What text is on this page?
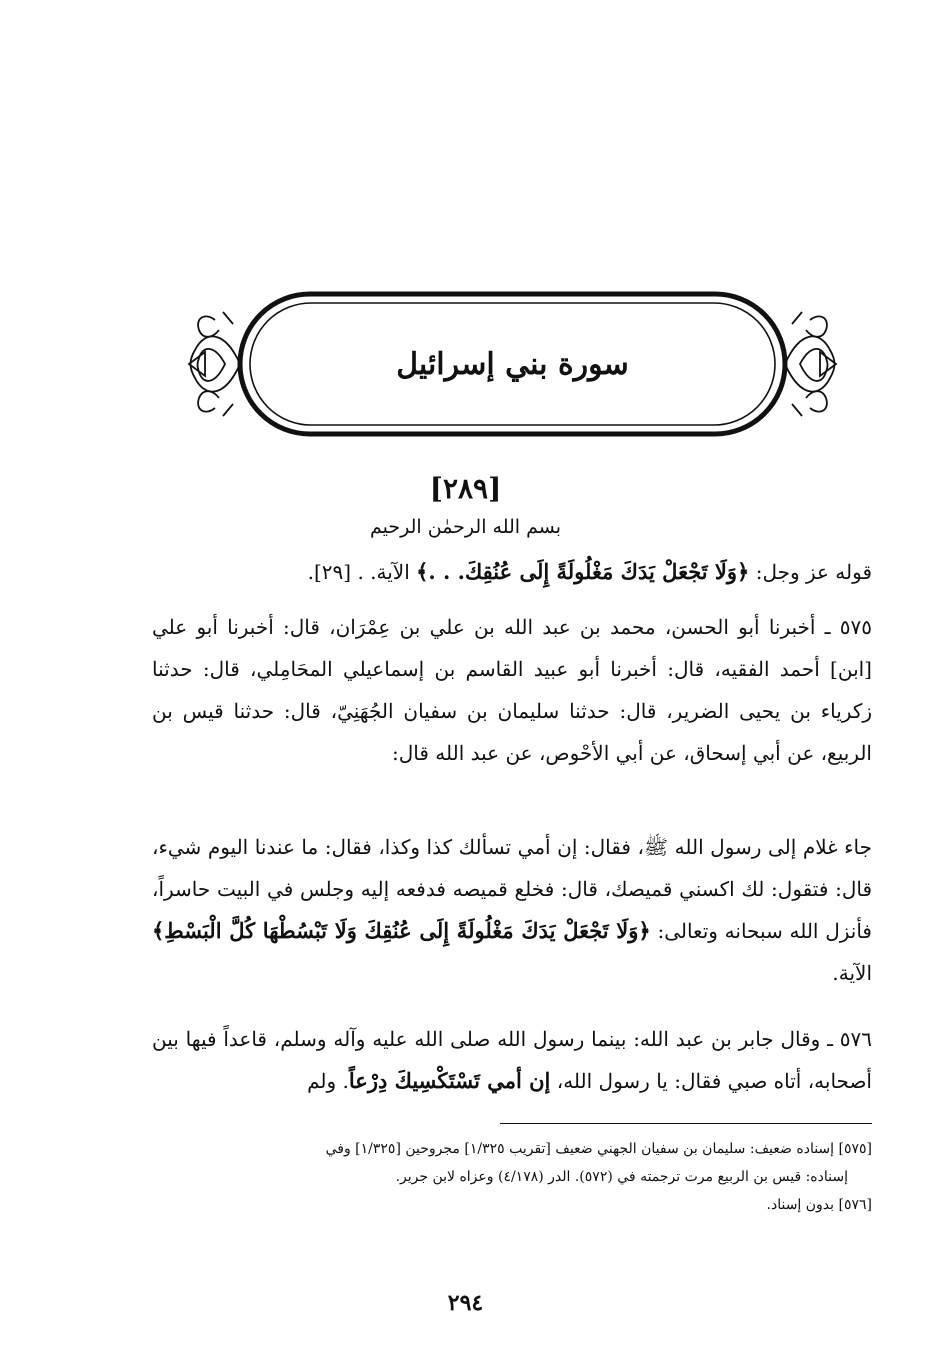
سورة بني إسرائيل
[٢٨٩]
بسم الله الرحمٰن الرحيم
قوله عز وجل: ﴿وَلَا تَجْعَلْ يَدَكَ مَغْلُولَةً إِلَى عُنُقِكَ. . .﴾ الآية. . [٢٩].
٥٧٥ ـ أخبرنا أبو الحسن، محمد بن عبد الله بن علي بن عِمْرَان، قال: أخبرنا أبو علي [ابن] أحمد الفقيه، قال: أخبرنا أبو عبيد القاسم بن إسماعيلي المحَامِلي، قال: حدثنا زكرياء بن يحيى الضرير، قال: حدثنا سليمان بن سفيان الجُهَنِيّ، قال: حدثنا قيس بن الربيع، عن أبي إسحاق، عن أبي الأحْوص، عن عبد الله قال:
جاء غلام إلى رسول الله ﷺ، فقال: إن أمي تسألك كذا وكذا، فقال: ما عندنا اليوم شيء، قال: فتقول: لك اكسني قميصك، قال: فخلع قميصه فدفعه إليه وجلس في البيت حاسراً، فأنزل الله سبحانه وتعالى: ﴿وَلَا تَجْعَلْ يَدَكَ مَغْلُولَةً إِلَى عُنُقِكَ وَلَا تَبْسُطْهَا كُلَّ الْبَسْطِ﴾ الآية.
٥٧٦ ـ وقال جابر بن عبد الله: بينما رسول الله صلى الله عليه وآله وسلم، قاعداً فيها بين أصحابه، أتاه صبي فقال: يا رسول الله، إن أمي تَسْتَكْسِيكَ دِرْعاً. ولم
[٥٧٥] إسناده ضعيف: سليمان بن سفيان الجهني ضعيف [تقريب ١/٣٢٥] مجروحين [١/٣٢٥] وفي
إسناده: قيس بن الربيع مرت ترجمته في (٥٧٢). الدر (٤/١٧٨) وعزاه لابن جرير.
[٥٧٦] بدون إسناد.
٢٩٤
